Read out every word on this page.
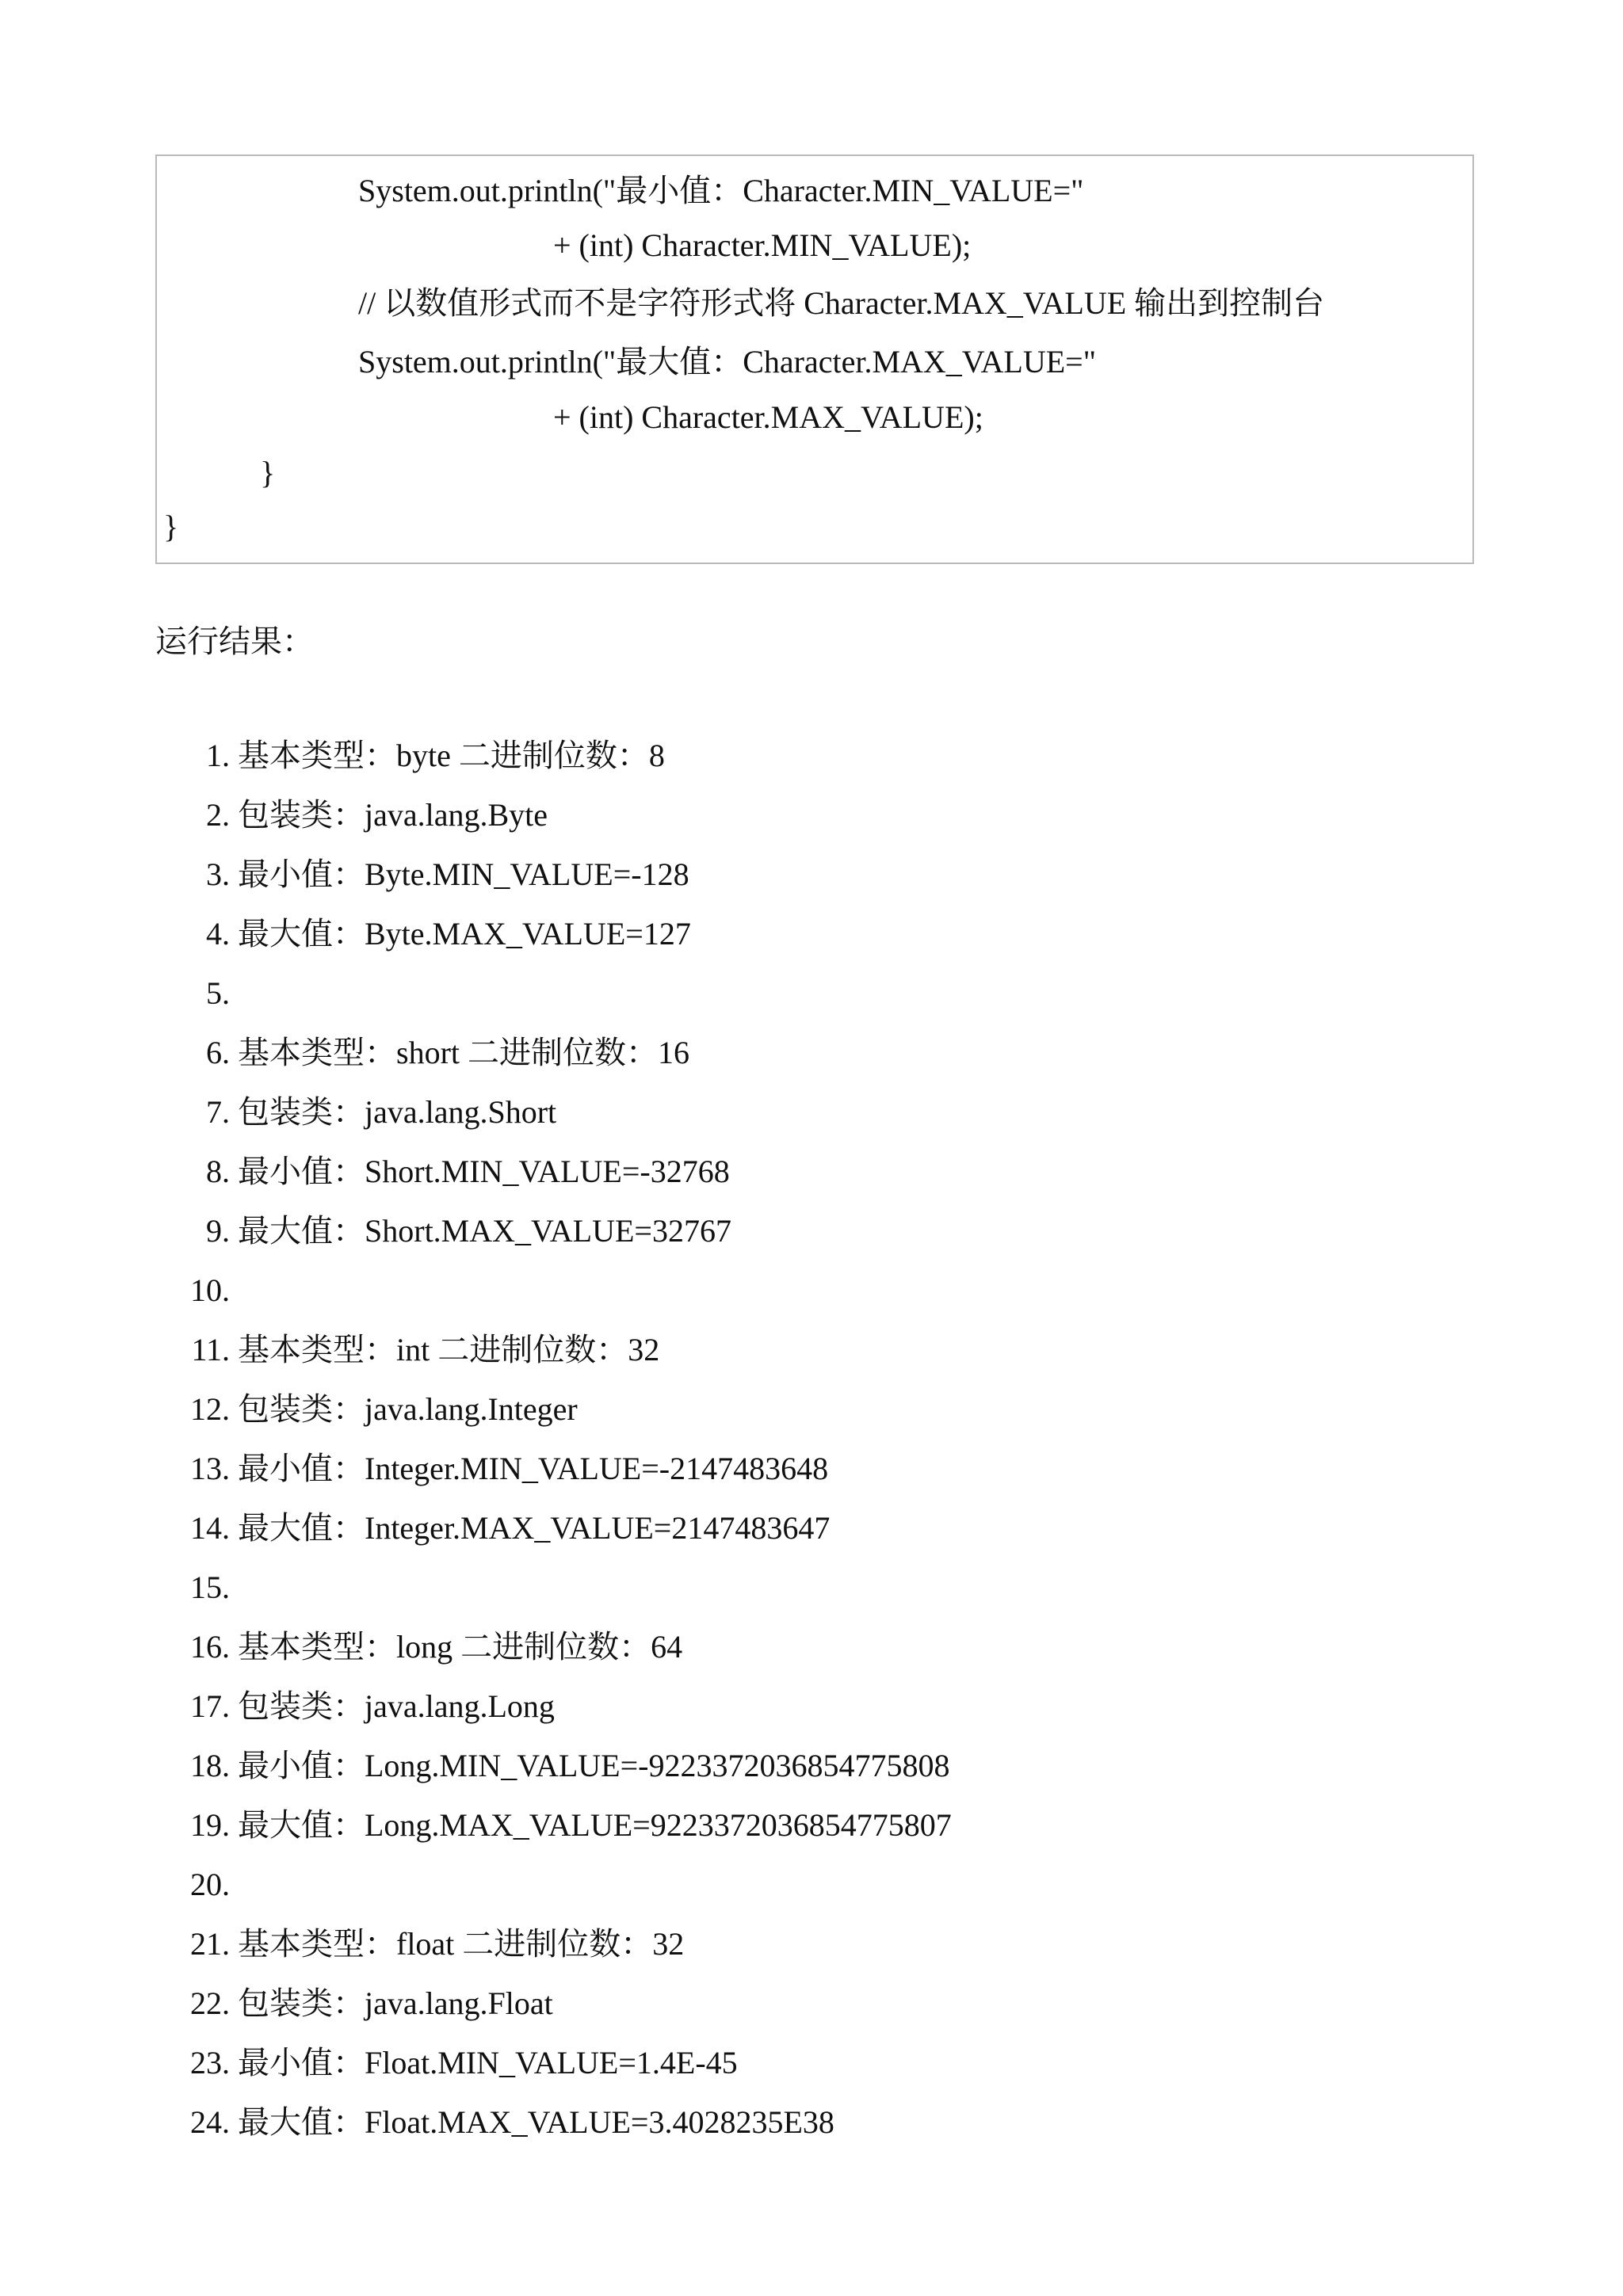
System.out.println("最小值：Character.MIN_VALUE="
+ (int) Character.MIN_VALUE);
// 以数值形式而不是字符形式将 Character.MAX_VALUE 输出到控制台
System.out.println("最大值：Character.MAX_VALUE="
+ (int) Character.MAX_VALUE);
}
}
运行结果：
1. 基本类型：byte 二进制位数：8
2. 包装类：java.lang.Byte
3. 最小值：Byte.MIN_VALUE=-128
4. 最大值：Byte.MAX_VALUE=127
5.
6. 基本类型：short 二进制位数：16
7. 包装类：java.lang.Short
8. 最小值：Short.MIN_VALUE=-32768
9. 最大值：Short.MAX_VALUE=32767
10.
11. 基本类型：int 二进制位数：32
12. 包装类：java.lang.Integer
13. 最小值：Integer.MIN_VALUE=-2147483648
14. 最大值：Integer.MAX_VALUE=2147483647
15.
16. 基本类型：long 二进制位数：64
17. 包装类：java.lang.Long
18. 最小值：Long.MIN_VALUE=-9223372036854775808
19. 最大值：Long.MAX_VALUE=9223372036854775807
20.
21. 基本类型：float 二进制位数：32
22. 包装类：java.lang.Float
23. 最小值：Float.MIN_VALUE=1.4E-45
24. 最大值：Float.MAX_VALUE=3.4028235E38
